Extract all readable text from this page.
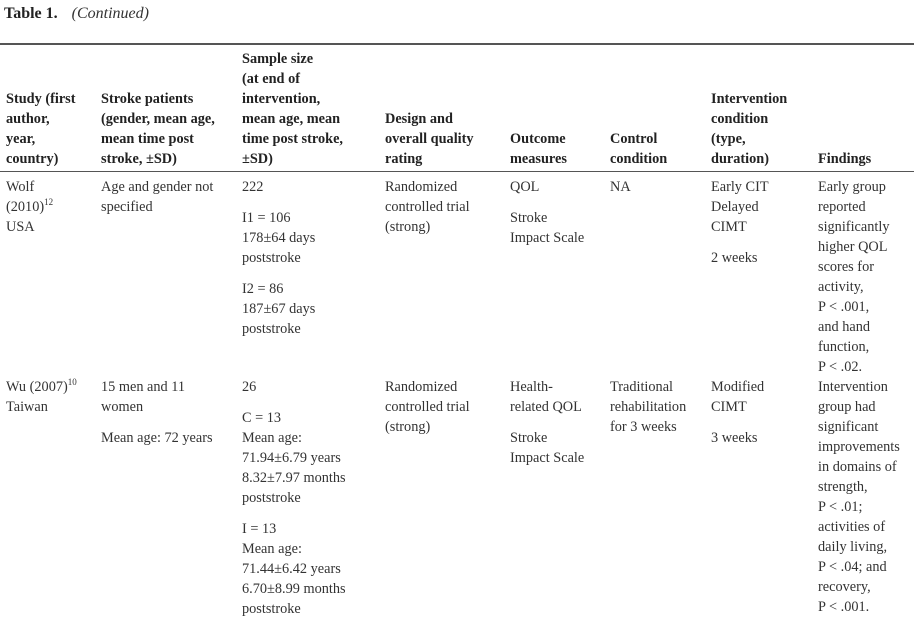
Table 1. (Continued)
Study (first
author,
year,
country)
Stroke patients
(gender, mean age,
mean time post
stroke, ±SD)
Sample size
(at end of
intervention,
mean age, mean
time post stroke,
±SD)
Design and
overall quality
rating
Outcome
measures
Control
condition
Intervention
condition
(type,
duration)	Findings
Wolf
$(2010)^{12}$
USA
Age and gender not
specified
222
I1 = 106
178±64 days
poststroke
I2 = 86
187±67 days
poststroke
Randomized
controlled trial
(strong)
QOL
Stroke
Impact Scale
NA	Early CIT
Delayed
CIMT
2 weeks
Early group
reported
significantly
higher QOL
scores for
activity,
P < .001,
and hand
function,
P < .02.
Wu $(2007)^{10}$
Taiwan
15 men and 11
women
Mean age: 72 years
26
C = 13
Mean age:
71.94±6.79 years
8.32±7.97 months
poststroke
I = 13
Mean age:
71.44±6.42 years
6.70±8.99 months
poststroke
Randomized
controlled trial
(strong)
Health-
related QOL
Stroke
Impact Scale
Traditional
rehabilitation
for 3 weeks
Modified
CIMT
3 weeks
Intervention
group had
significant
improvements
in domains of
strength,
P < .01;
activities of
daily living,
P < .04; and
recovery,
P < .001.
